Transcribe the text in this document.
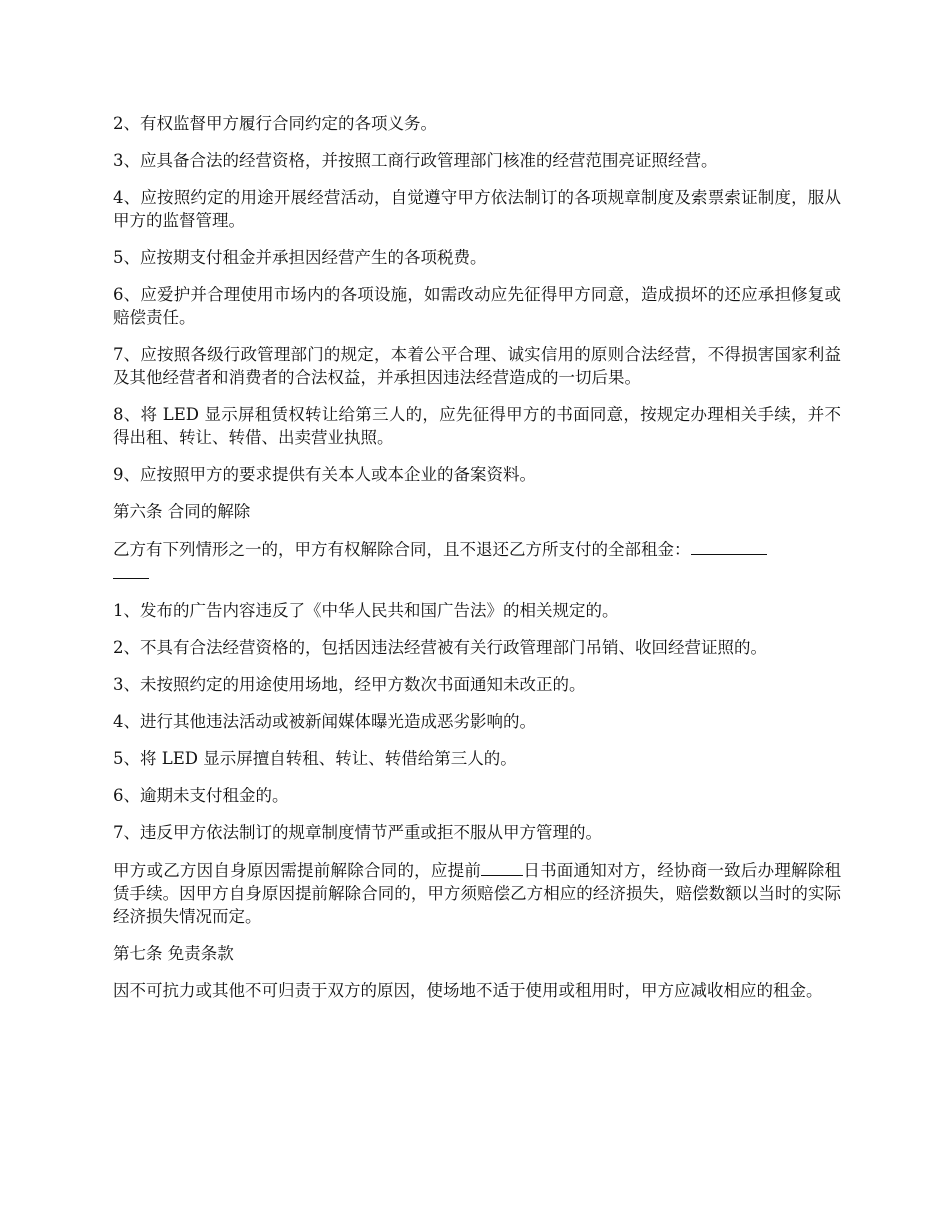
2、有权监督甲方履行合同约定的各项义务。

3、应具备合法的经营资格，并按照工商行政管理部门核准的经营范围亮证照经营。

4、应按照约定的用途开展经营活动，自觉遵守甲方依法制订的各项规章制度及索票索证制度，服从甲方的监督管理。

5、应按期支付租金并承担因经营产生的各项税费。

6、应爱护并合理使用市场内的各项设施，如需改动应先征得甲方同意，造成损坏的还应承担修复或赔偿责任。

7、应按照各级行政管理部门的规定，本着公平合理、诚实信用的原则合法经营，不得损害国家利益及其他经营者和消费者的合法权益，并承担因违法经营造成的一切后果。

8、将 LED 显示屏租赁权转让给第三人的，应先征得甲方的书面同意，按规定办理相关手续，并不得出租、转让、转借、出卖营业执照。

9、应按照甲方的要求提供有关本人或本企业的备案资料。

第六条 合同的解除

乙方有下列情形之一的，甲方有权解除合同，且不退还乙方所支付的全部租金：

1、发布的广告内容违反了《中华人民共和国广告法》的相关规定的。

2、不具有合法经营资格的，包括因违法经营被有关行政管理部门吊销、收回经营证照的。

3、未按照约定的用途使用场地，经甲方数次书面通知未改正的。

4、进行其他违法活动或被新闻媒体曝光造成恶劣影响的。

5、将 LED 显示屏擅自转租、转让、转借给第三人的。

6、逾期未支付租金的。

7、违反甲方依法制订的规章制度情节严重或拒不服从甲方管理的。

甲方或乙方因自身原因需提前解除合同的，应提前	日书面通知对方，经协商一致后办理解除租赁手续。因甲方自身原因提前解除合同的，甲方须赔偿乙方相应的经济损失，赔偿数额以当时的实际经济损失情况而定。

第七条 免责条款

因不可抗力或其他不可归责于双方的原因，使场地不适于使用或租用时，甲方应减收相应的租金。
